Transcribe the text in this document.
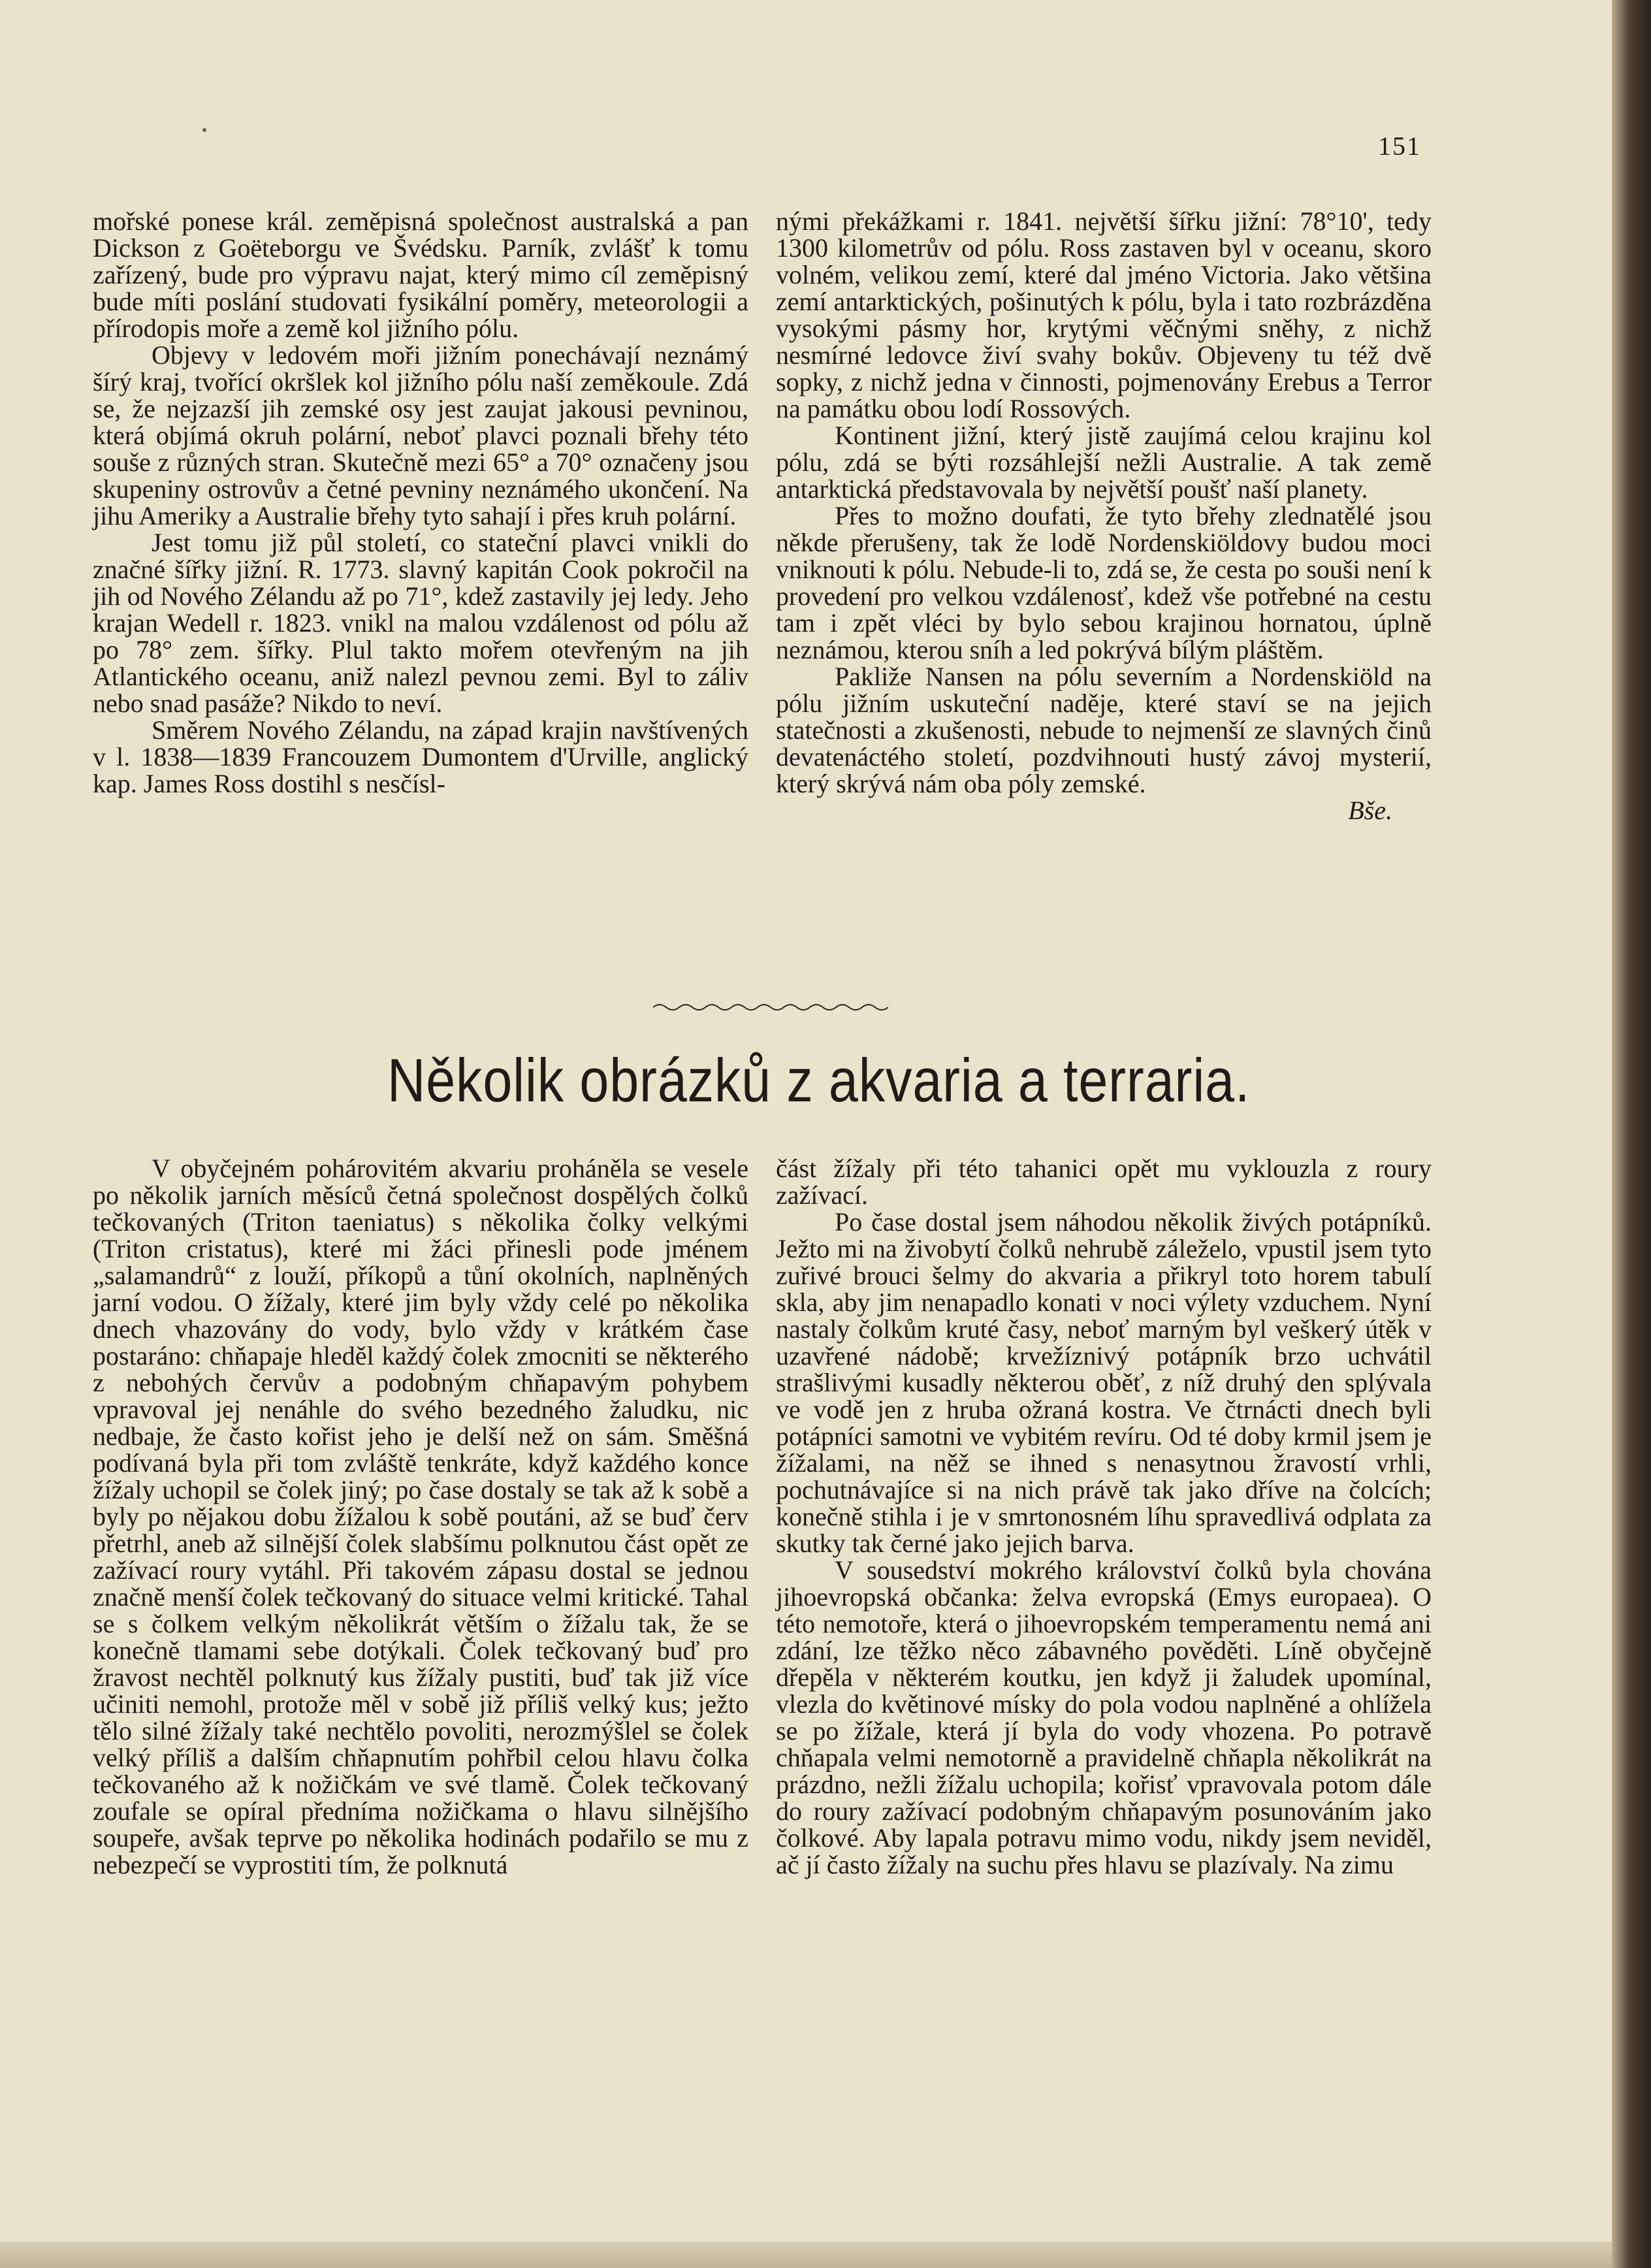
151

mořské ponese král. zeměpisná společnost australská a pan Dickson z Goëteborgu ve Švédsku. Parník, zvlášť k tomu zařízený, bude pro výpravu najat, který mimo cíl zeměpisný bude míti poslání studovati fysikální poměry, meteorologii a přírodopis moře a země kol jižního pólu.

Objevy v ledovém moři jižním ponechávají neznámý šírý kraj, tvořící okršlek kol jižního pólu naší zeměkoule. Zdá se, že nejzazší jih zemské osy jest zaujat jakousi pevninou, která objímá okruh polární, neboť plavci poznali břehy této souše z různých stran. Skutečně mezi 65° a 70° označeny jsou skupeniny ostrovův a četné pevniny neznámého ukončení. Na jihu Ameriky a Australie břehy tyto sahají i přes kruh polární.

Jest tomu již půl století, co stateční plavci vnikli do značné šířky jižní. R. 1773. slavný kapitán Cook pokročil na jih od Nového Zélandu až po 71°, kdež zastavily jej ledy. Jeho krajan Wedell r. 1823. vnikl na malou vzdálenost od pólu až po 78° zem. šířky. Plul takto mořem otevřeným na jih Atlantického oceanu, aniž nalezl pevnou zemi. Byl to záliv nebo snad pasáže? Nikdo to neví.

Směrem Nového Zélandu, na západ krajin navštívených v l. 1838—1839 Francouzem Dumontem d'Urville, anglický kap. James Ross dostihl s nesčísl-

nými překážkami r. 1841. největší šířku jižní: 78°10', tedy 1300 kilometrův od pólu. Ross zastaven byl v oceanu, skoro volném, velikou zemí, které dal jméno Victoria. Jako většina zemí antarktických, pošinutých k pólu, byla i tato rozbrázděna vysokými pásmy hor, krytými věčnými sněhy, z nichž nesmírné ledovce živí svahy bokův. Objeveny tu též dvě sopky, z nichž jedna v činnosti, pojmenovány Erebus a Terror na památku obou lodí Rossových.

Kontinent jižní, který jistě zaujímá celou krajinu kol pólu, zdá se býti rozsáhlejší nežli Australie. A tak země antarktická představovala by největší poušť naší planety.

Přes to možno doufati, že tyto břehy zlednatělé jsou někde přerušeny, tak že lodě Nordenskiöldovy budou moci vniknouti k pólu. Nebude-li to, zdá se, že cesta po souši není k provedení pro velkou vzdálenosť, kdež vše potřebné na cestu tam i zpět vléci by bylo sebou krajinou hornatou, úplně neznámou, kterou sníh a led pokrývá bílým pláštěm.

Pakliže Nansen na pólu severním a Nordenskiöld na pólu jižním uskuteční naděje, které staví se na jejich statečnosti a zkušenosti, nebude to nejmenší ze slavných činů devatenáctého století, pozdvihnouti hustý závoj mysterií, který skrývá nám oba póly zemské.

Bše.

Několik obrázků z akvaria a terraria.

V obyčejném pohárovitém akvariu proháněla se vesele po několik jarních měsíců četná společnost dospělých čolků tečkovaných (Triton taeniatus) s několika čolky velkými (Triton cristatus), které mi žáci přinesli pode jménem „salamandrů“ z louží, příkopů a tůní okolních, naplněných jarní vodou. O žížaly, které jim byly vždy celé po několika dnech vhazovány do vody, bylo vždy v krátkém čase postaráno: chňapaje hleděl každý čolek zmocniti se některého z nebohých červův a podobným chňapavým pohybem vpravoval jej nenáhle do svého bezedného žaludku, nic nedbaje, že často kořist jeho je delší než on sám. Směšná podívaná byla při tom zvláště tenkráte, když každého konce žížaly uchopil se čolek jiný; po čase dostaly se tak až k sobě a byly po nějakou dobu žížalou k sobě poutáni, až se buď červ přetrhl, aneb až silnější čolek slabšímu polknutou část opět ze zažívací roury vytáhl. Při takovém zápasu dostal se jednou značně menší čolek tečkovaný do situace velmi kritické. Tahal se s čolkem velkým několikrát větším o žížalu tak, že se konečně tlamami sebe dotýkali. Čolek tečkovaný buď pro žravost nechtěl polknutý kus žížaly pustiti, buď tak již více učiniti nemohl, protože měl v sobě již příliš velký kus; ježto tělo silné žížaly také nechtělo povoliti, nerozmýšlel se čolek velký příliš a dalším chňapnutím pohřbil celou hlavu čolka tečkovaného až k nožičkám ve své tlamě. Čolek tečkovaný zoufale se opíral předníma nožičkama o hlavu silnějšího soupeře, avšak teprve po několika hodinách podařilo se mu z nebezpečí se vyprostiti tím, že polknutá

část žížaly při této tahanici opět mu vyklouzla z roury zažívací.

Po čase dostal jsem náhodou několik živých potápníků. Ježto mi na živobytí čolků nehrubě záleželo, vpustil jsem tyto zuřivé brouci šelmy do akvaria a přikryl toto horem tabulí skla, aby jim nenapadlo konati v noci výlety vzduchem. Nyní nastaly čolkům kruté časy, neboť marným byl veškerý útěk v uzavřené nádobě; krvežíznivý potápník brzo uchvátil strašlivými kusadly některou oběť, z níž druhý den splývala ve vodě jen z hruba ožraná kostra. Ve čtrnácti dnech byli potápníci samotni ve vybitém revíru. Od té doby krmil jsem je žížalami, na něž se ihned s nenasytnou žravostí vrhli, pochutnávajíce si na nich právě tak jako dříve na čolcích; konečně stihla i je v smrtonosném líhu spravedlivá odplata za skutky tak černé jako jejich barva.

V sousedství mokrého království čolků byla chována jihoevropská občanka: želva evropská (Emys europaea). O této nemotoře, která o jihoevropském temperamentu nemá ani zdání, lze těžko něco zábavného pověděti. Líně obyčejně dřepěla v některém koutku, jen když ji žaludek upomínal, vlezla do květinové mísky do pola vodou naplněné a ohlížela se po žížale, která jí byla do vody vhozena. Po potravě chňapala velmi nemotorně a pravidelně chňapla několikrát na prázdno, nežli žížalu uchopila; kořisť vpravovala potom dále do roury zažívací podobným chňapavým posunováním jako čolkové. Aby lapala potravu mimo vodu, nikdy jsem neviděl, ač jí často žížaly na suchu přes hlavu se plazívaly. Na zimu
